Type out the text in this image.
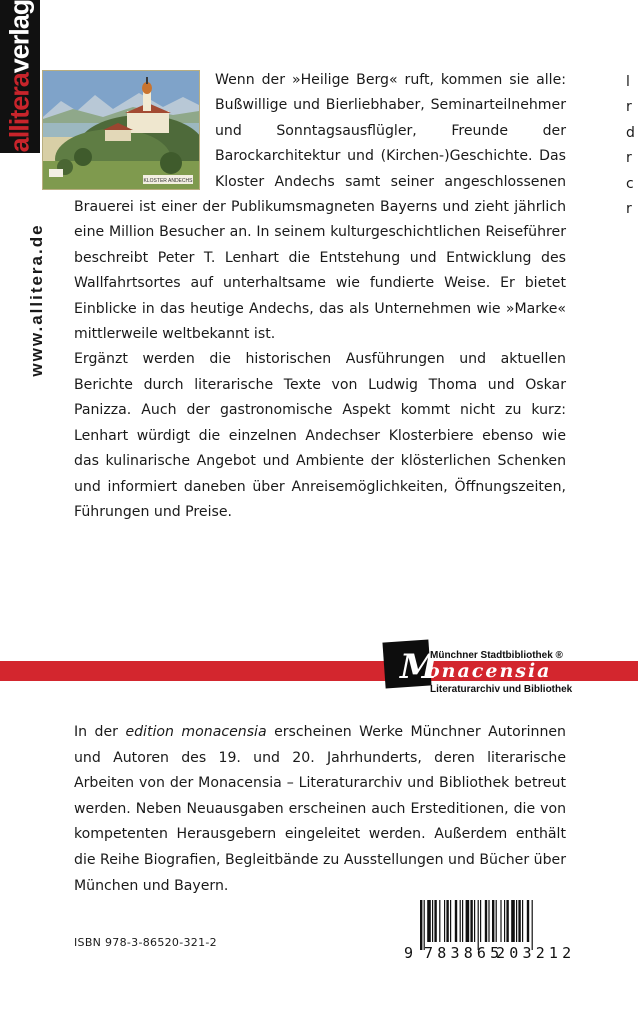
alliteraverlag
www.allitera.de
KLOSTER ANDECHS

Wenn der »Heilige Berg« ruft, kommen sie alle: Bußwillige und Bierliebhaber, Seminarteilnehmer und Sonntagsausflügler, Freunde der Barockarchitektur und (Kirchen-)Geschichte. Das Kloster Andechs samt seiner angeschlossenen Brauerei ist einer der Publikumsmagneten Bayerns und zieht jährlich eine Million Besucher an. In seinem kulturgeschichtlichen Reiseführer beschreibt Peter T. Lenhart die Entstehung und Entwicklung des Wallfahrtsortes auf unterhaltsame wie fundierte Weise. Er bietet Einblicke in das heutige Andechs, das als Unternehmen wie »Marke« mittlerweile weltbekannt ist.

Ergänzt werden die historischen Ausführungen und aktuellen Berichte durch literarische Texte von Ludwig Thoma und Oskar Panizza. Auch der gastronomische Aspekt kommt nicht zu kurz: Lenhart würdigt die einzelnen Andechser Klosterbiere ebenso wie das kulinarische Angebot und Ambiente der klösterlichen Schenken und informiert daneben über Anreisemöglichkeiten, Öffnungszeiten, Führungen und Preise.

l
r
d
r
c
r
M
Münchner Stadtbibliothek ®
onacensia
Literaturarchiv und Bibliothek

In der edition monacensia erscheinen Werke Münchner Autorinnen und Autoren des 19. und 20. Jahrhunderts, deren literarische Arbeiten von der Monacensia – Literaturarchiv und Bibliothek betreut werden. Neben Neuausgaben erscheinen auch Ersteditionen, die von kompetenten Herausgebern eingeleitet werden. Außerdem enthält die Reihe Biografien, Begleitbände zu Ausstellungen und Bücher über München und Bayern.

ISBN 978-3-86520-321-2
9 783865
203212
